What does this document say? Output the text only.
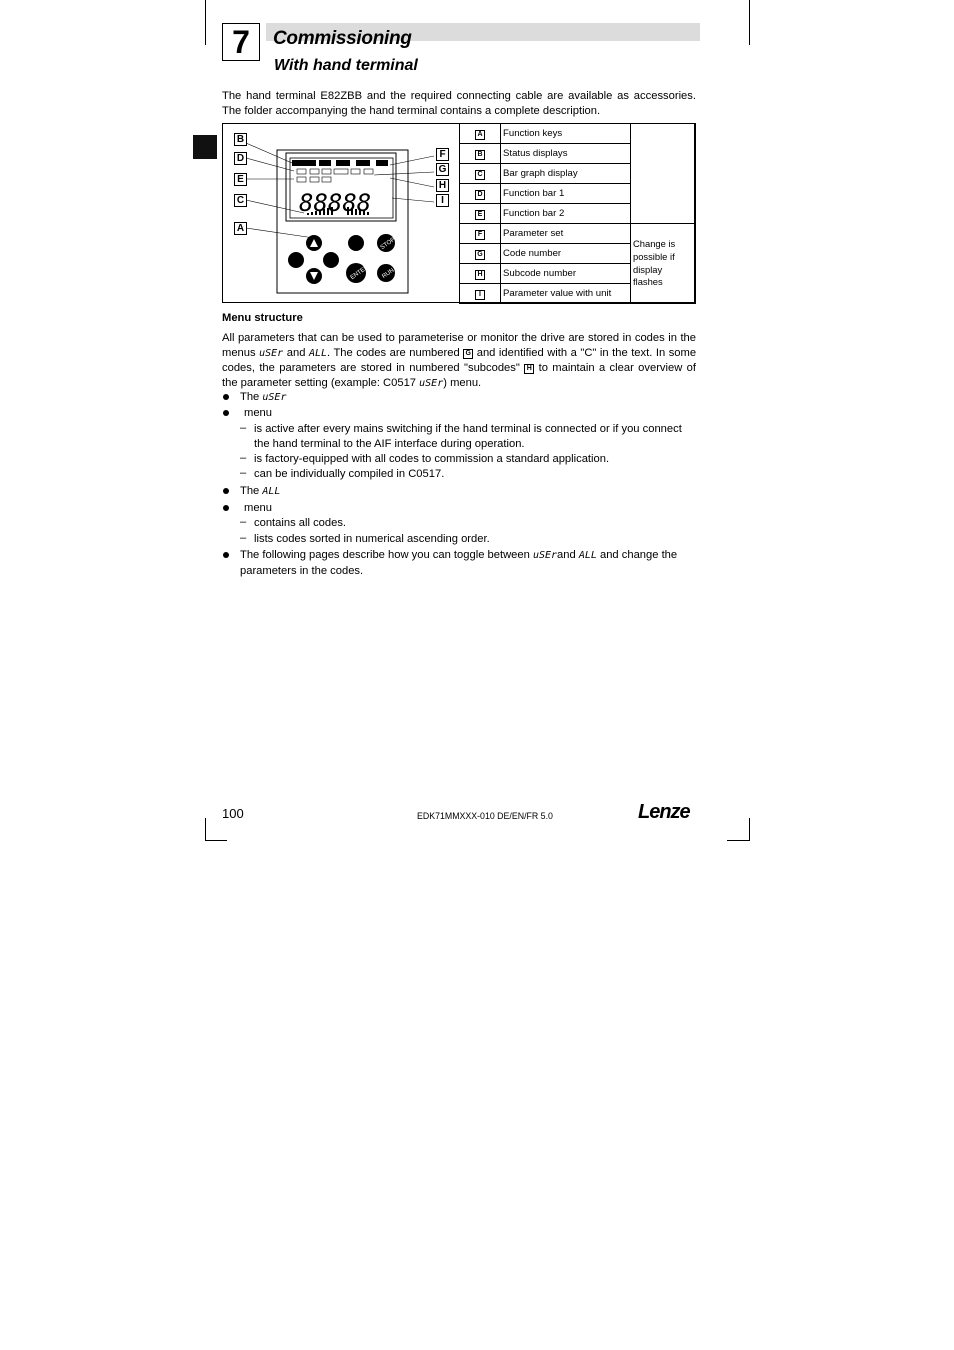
7	Commissioning
With hand terminal
The hand terminal E82ZBB and the required connecting cable are available as accessories. The folder accompanying the hand terminal contains a complete description.
88888
ENTER
STOP
RUN
B
D
E
C
A
F
G
H
I
A	Function keys	
B	Status displays	
C	Bar graph display	
D	Function bar 1	
E	Function bar 2	
F	Parameter set	Change is possible if display flashes
G	Code number	
H	Subcode number	
I	Parameter value with unit	
Menu structure
All parameters that can be used to parameterise or monitor the drive are stored in codes in the menus uSEr and ALL. The codes are numbered G and identified with a "C" in the text. In some codes, the parameters are stored in numbered "subcodes" H to maintain a clear overview of the parameter setting (example: C0517 uSEr) menu.
The uSEr
menu
– is active after every mains switching if the hand terminal is connected or if you connect the hand terminal to the AIF interface during operation.
– is factory-equipped with all codes to commission a standard application.
– can be individually compiled in C0517.
The ALL
menu
– contains all codes.
– lists codes sorted in numerical ascending order.
The following pages describe how you can toggle between uSErand ALL and change the parameters in the codes.
100	EDK71MMXXX-010 DE/EN/FR 5.0	Lenze
